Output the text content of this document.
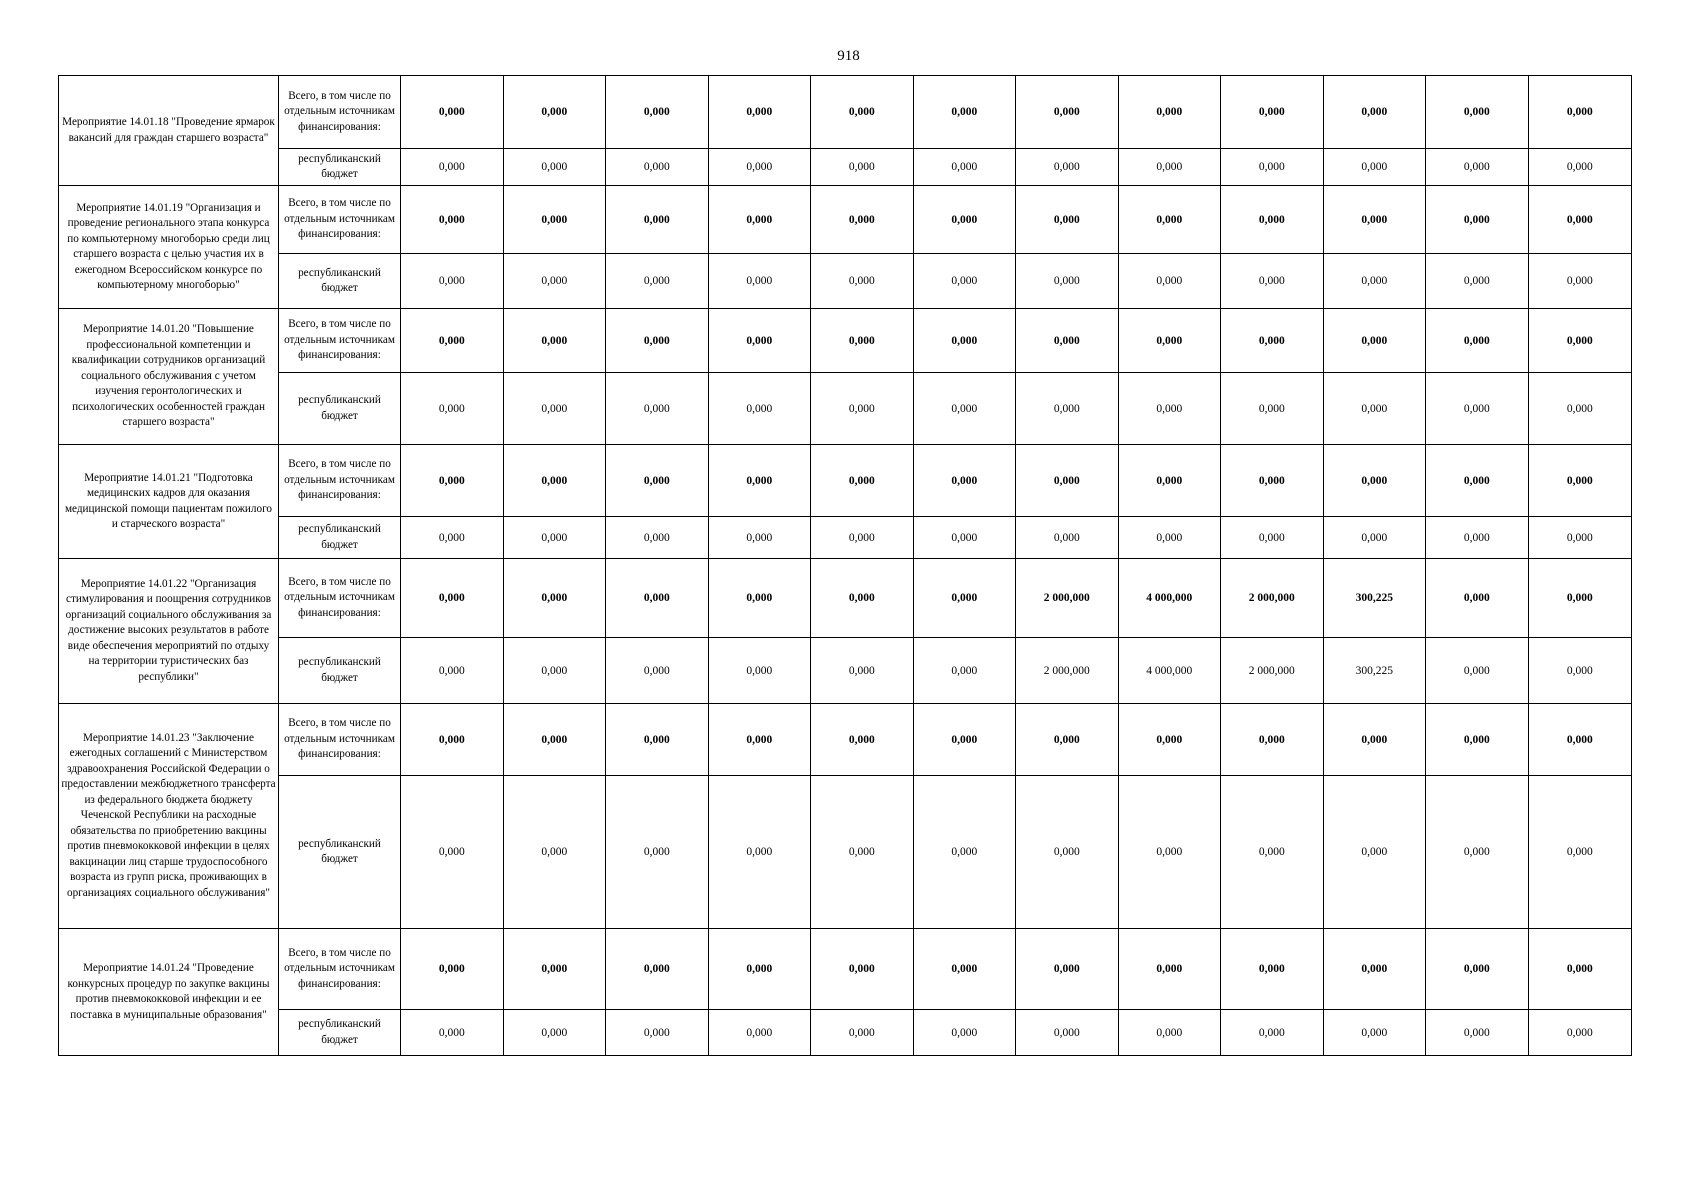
918
Мероприятие 14.01.18 "Проведение ярмарок вакансий для граждан старшего возраста"	Всего, в том числе по отдельным источникам финансирования:	0,000	0,000	0,000	0,000	0,000	0,000	0,000	0,000	0,000	0,000	0,000	0,000
	республиканский бюджет	0,000	0,000	0,000	0,000	0,000	0,000	0,000	0,000	0,000	0,000	0,000	0,000
Мероприятие 14.01.19 "Организация и проведение регионального этапа конкурса по компьютерному многоборью среди лиц старшего возраста с целью участия их в ежегодном Всероссийском конкурсе по компьютерному многоборью"	Всего, в том числе по отдельным источникам финансирования:	0,000	0,000	0,000	0,000	0,000	0,000	0,000	0,000	0,000	0,000	0,000	0,000
	республиканский бюджет	0,000	0,000	0,000	0,000	0,000	0,000	0,000	0,000	0,000	0,000	0,000	0,000
Мероприятие 14.01.20 "Повышение профессиональной компетенции и квалификации сотрудников организаций социального обслуживания с учетом изучения геронтологических и психологических особенностей граждан старшего возраста"	Всего, в том числе по отдельным источникам финансирования:	0,000	0,000	0,000	0,000	0,000	0,000	0,000	0,000	0,000	0,000	0,000	0,000
	республиканский бюджет	0,000	0,000	0,000	0,000	0,000	0,000	0,000	0,000	0,000	0,000	0,000	0,000
Мероприятие 14.01.21 "Подготовка медицинских кадров для оказания медицинской помощи пациентам пожилого и старческого возраста"	Всего, в том числе по отдельным источникам финансирования:	0,000	0,000	0,000	0,000	0,000	0,000	0,000	0,000	0,000	0,000	0,000	0,000
	республиканский бюджет	0,000	0,000	0,000	0,000	0,000	0,000	0,000	0,000	0,000	0,000	0,000	0,000
Мероприятие 14.01.22 "Организация стимулирования и поощрения сотрудников организаций социального обслуживания за достижение высоких результатов в работе виде обеспечения мероприятий по отдыху на территории туристических баз республики"	Всего, в том числе по отдельным источникам финансирования:	0,000	0,000	0,000	0,000	0,000	0,000	2 000,000	4 000,000	2 000,000	300,225	0,000	0,000
	республиканский бюджет	0,000	0,000	0,000	0,000	0,000	0,000	2 000,000	4 000,000	2 000,000	300,225	0,000	0,000
Мероприятие 14.01.23 "Заключение ежегодных соглашений с Министерством здравоохранения Российской Федерации о предоставлении межбюджетного трансферта из федерального бюджета бюджету Чеченской Республики на расходные обязательства по приобретению вакцины против пневмококковой инфекции в целях вакцинации лиц старше трудоспособного возраста из групп риска, проживающих в организациях социального обслуживания"	Всего, в том числе по отдельным источникам финансирования:	0,000	0,000	0,000	0,000	0,000	0,000	0,000	0,000	0,000	0,000	0,000	0,000
	республиканский бюджет	0,000	0,000	0,000	0,000	0,000	0,000	0,000	0,000	0,000	0,000	0,000	0,000
Мероприятие 14.01.24 "Проведение конкурсных процедур по закупке вакцины против пневмококковой инфекции и ее поставка в муниципальные образования"	Всего, в том числе по отдельным источникам финансирования:	0,000	0,000	0,000	0,000	0,000	0,000	0,000	0,000	0,000	0,000	0,000	0,000
	республиканский бюджет	0,000	0,000	0,000	0,000	0,000	0,000	0,000	0,000	0,000	0,000	0,000	0,000
